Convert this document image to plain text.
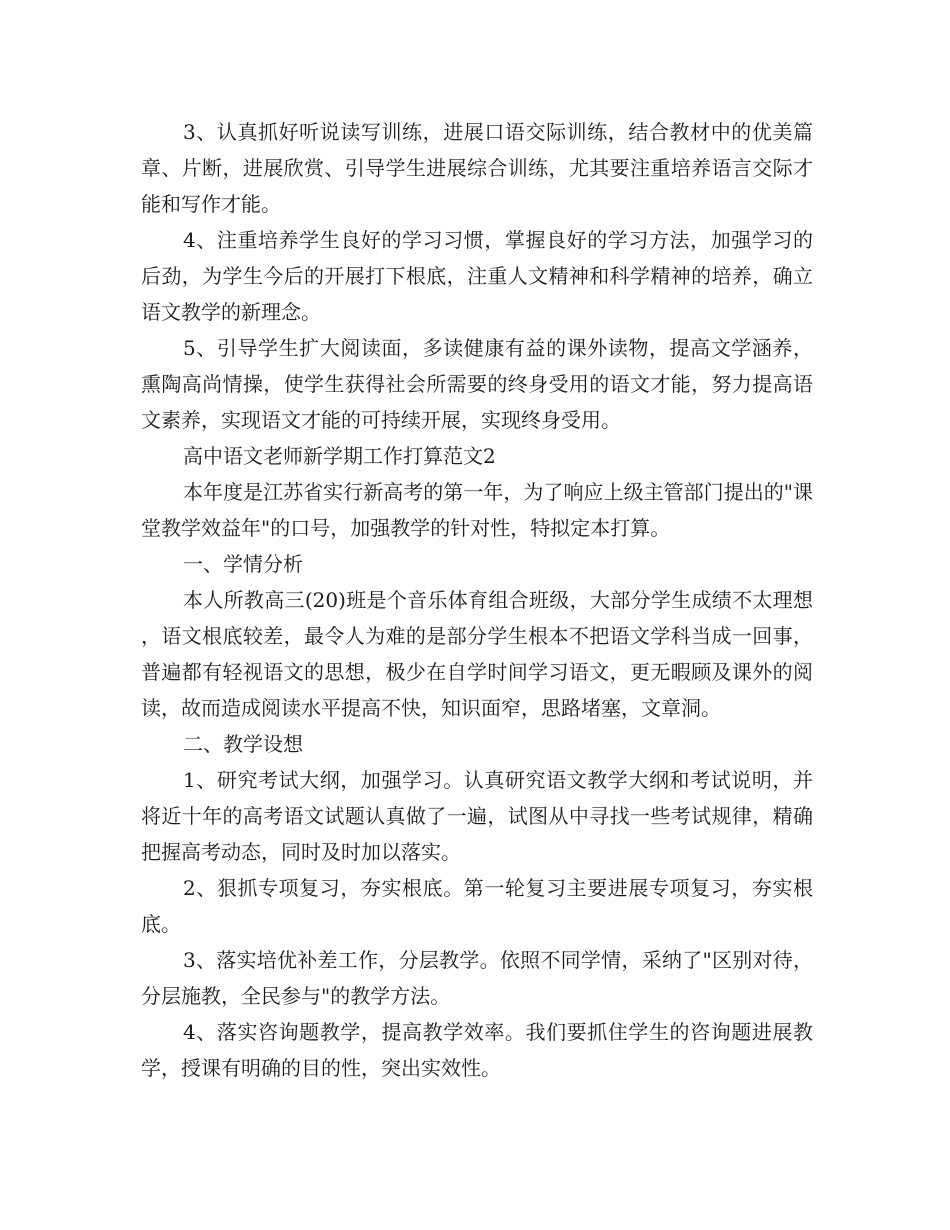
3、认真抓好听说读写训练，进展口语交际训练，结合教材中的优美篇章、片断，进展欣赏、引导学生进展综合训练，尤其要注重培养语言交际才能和写作才能。

4、注重培养学生良好的学习习惯，掌握良好的学习方法，加强学习的后劲，为学生今后的开展打下根底，注重人文精神和科学精神的培养，确立语文教学的新理念。

5、引导学生扩大阅读面，多读健康有益的课外读物，提高文学涵养，熏陶高尚情操，使学生获得社会所需要的终身受用的语文才能，努力提高语文素养，实现语文才能的可持续开展，实现终身受用。

高中语文老师新学期工作打算范文2

本年度是江苏省实行新高考的第一年，为了响应上级主管部门提出的"课堂教学效益年"的口号，加强教学的针对性，特拟定本打算。

一、学情分析

本人所教高三(20)班是个音乐体育组合班级，大部分学生成绩不太理想，语文根底较差，最令人为难的是部分学生根本不把语文学科当成一回事，普遍都有轻视语文的思想，极少在自学时间学习语文，更无暇顾及课外的阅读，故而造成阅读水平提高不快，知识面窄，思路堵塞，文章洞。

二、教学设想

1、研究考试大纲，加强学习。认真研究语文教学大纲和考试说明，并将近十年的高考语文试题认真做了一遍，试图从中寻找一些考试规律，精确把握高考动态，同时及时加以落实。

2、狠抓专项复习，夯实根底。第一轮复习主要进展专项复习，夯实根底。

3、落实培优补差工作，分层教学。依照不同学情，采纳了"区别对待，分层施教，全民参与"的教学方法。

4、落实咨询题教学，提高教学效率。我们要抓住学生的咨询题进展教学，授课有明确的目的性，突出实效性。
